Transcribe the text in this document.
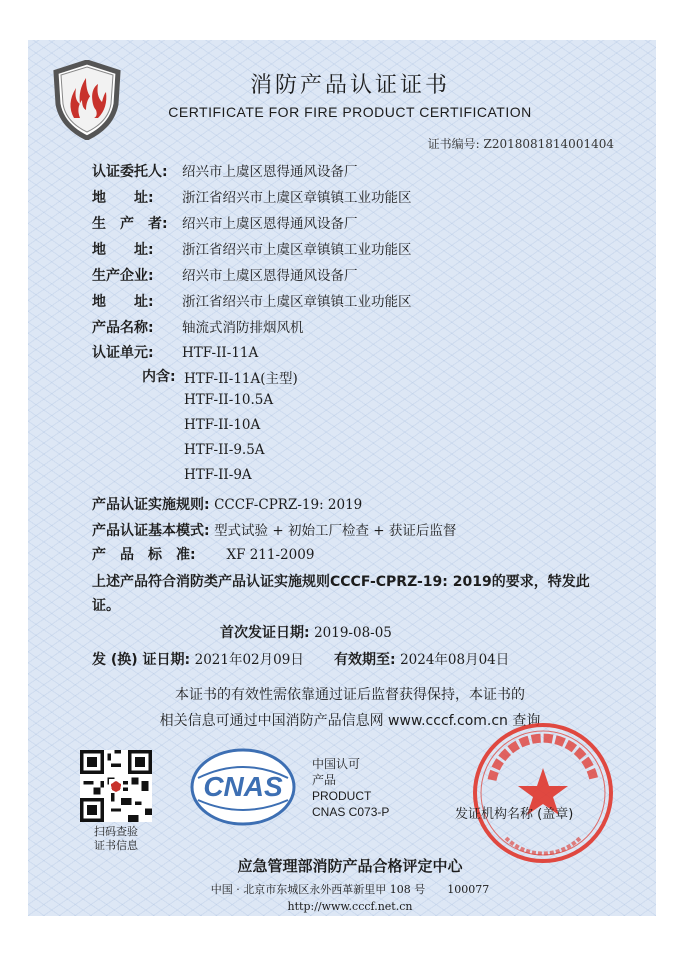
消防产品认证证书
CERTIFICATE FOR FIRE PRODUCT CERTIFICATION
证书编号: Z2018081814001404
认证委托人: 绍兴市上虞区恩得通风设备厂
地　　址: 浙江省绍兴市上虞区章镇镇工业功能区
生　产　者: 绍兴市上虞区恩得通风设备厂
地　　址: 浙江省绍兴市上虞区章镇镇工业功能区
生产企业: 绍兴市上虞区恩得通风设备厂
地　　址: 浙江省绍兴市上虞区章镇镇工业功能区
产品名称: 轴流式消防排烟风机
认证单元: HTF-II-11A
内含: HTF-II-11A(主型)
HTF-II-10.5A
HTF-II-10A
HTF-II-9.5A
HTF-II-9A
产品认证实施规则: CCCF-CPRZ-19: 2019
产品认证基本模式: 型式试验 + 初始工厂检查 + 获证后监督
产　品　标　准: XF 211-2009
上述产品符合消防类产品认证实施规则CCCF-CPRZ-19: 2019的要求，特发此证。
首次发证日期: 2019-08-05
发 (换) 证日期: 2021年02月09日 有效期至: 2024年08月04日
本证书的有效性需依靠通过证后监督获得保持，本证书的
相关信息可通过中国消防产品信息网 www.cccf.com.cn 查询
扫码查验
证书信息
CNAS
中国认可
产品
PRODUCT
CNAS C073-P	发证机构名称 (盖章)
应急管理部消防产品合格评定中心
中国 · 北京市东城区永外西革新里甲 108 号　　100077
http://www.cccf.net.cn
